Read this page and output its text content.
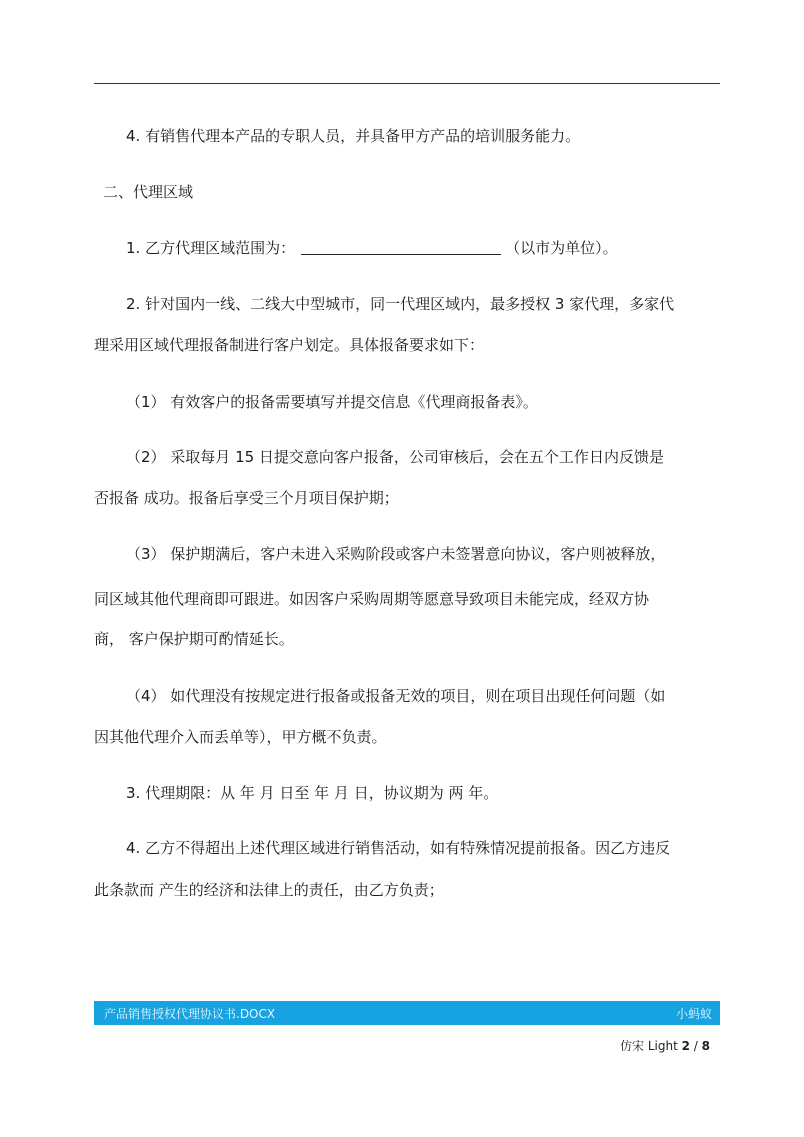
4. 有销售代理本产品的专职人员，并具备甲方产品的培训服务能力。

二、代理区域

1. 乙方代理区域范围为：	（以市为单位）。

2. 针对国内一线、二线大中型城市，同一代理区域内，最多授权 3 家代理，多家代

理采用区域代理报备制进行客户划定。具体报备要求如下：

（1） 有效客户的报备需要填写并提交信息《代理商报备表》。

（2） 采取每月 15 日提交意向客户报备，公司审核后，会在五个工作日内反馈是

否报备 成功。报备后享受三个月项目保护期；

（3） 保护期满后，客户未进入采购阶段或客户未签署意向协议，客户则被释放，

同区域其他代理商即可跟进。如因客户采购周期等愿意导致项目未能完成，经双方协

商， 客户保护期可酌情延长。

（4） 如代理没有按规定进行报备或报备无效的项目，则在项目出现任何问题（如

因其他代理介入而丢单等），甲方概不负责。

3. 代理期限：从 年 月 日至 年 月 日，协议期为 两 年。

4. 乙方不得超出上述代理区域进行销售活动，如有特殊情况提前报备。因乙方违反

此条款而 产生的经济和法律上的责任，由乙方负责；

产品销售授权代理协议书.DOCX	小蚂蚁
仿宋 Light 2 / 8
